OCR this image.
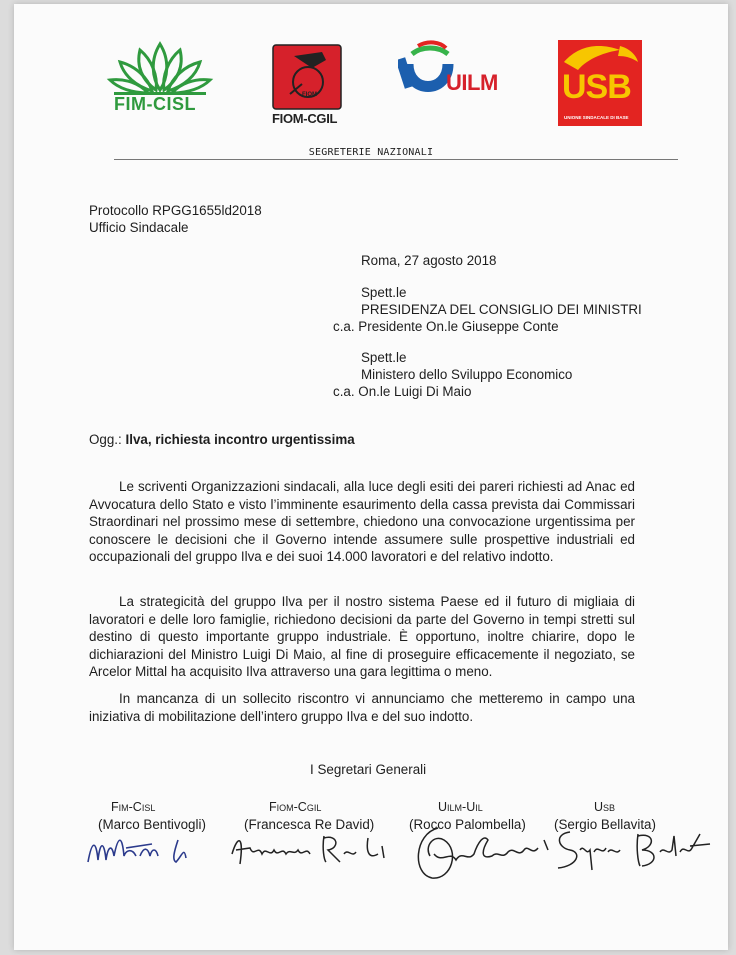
FIM-CISL	FIOM
FIOM-CGIL
UILM USB
UNIONE SINDACALE DI BASE
SEGRETERIE NAZIONALI
Protocollo RPGG1655ld2018
Ufficio Sindacale
Roma, 27 agosto 2018
Spett.le
PRESIDENZA DEL CONSIGLIO DEI MINISTRI
c.a. Presidente On.le Giuseppe Conte
Spett.le
Ministero dello Sviluppo Economico
c.a. On.le Luigi Di Maio
Ogg.: Ilva, richiesta incontro urgentissima
Le scriventi Organizzazioni sindacali, alla luce degli esiti dei pareri richiesti ad Anac ed Avvocatura dello Stato e visto l’imminente esaurimento della cassa prevista dai Commissari Straordinari nel prossimo mese di settembre, chiedono una convocazione urgentissima per conoscere le decisioni che il Governo intende assumere sulle prospettive industriali ed occupazionali del gruppo Ilva e dei suoi 14.000 lavoratori e del relativo indotto.
La strategicità del gruppo Ilva per il nostro sistema Paese ed il futuro di migliaia di lavoratori e delle loro famiglie, richiedono decisioni da parte del Governo in tempi stretti sul destino di questo importante gruppo industriale. È opportuno, inoltre chiarire, dopo le dichiarazioni del Ministro Luigi Di Maio, al fine di proseguire efficacemente il negoziato, se Arcelor Mittal ha acquisito Ilva attraverso una gara legittima o meno.
In mancanza di un sollecito riscontro vi annunciamo che metteremo in campo una iniziativa di mobilitazione dell’intero gruppo Ilva e del suo indotto.
I Segretari Generali
Fim-Cisl
(Marco Bentivogli)
Fiom-Cgil
(Francesca Re David)
Uilm-Uil
(Rocco Palombella)
Usb
(Sergio Bellavita)
